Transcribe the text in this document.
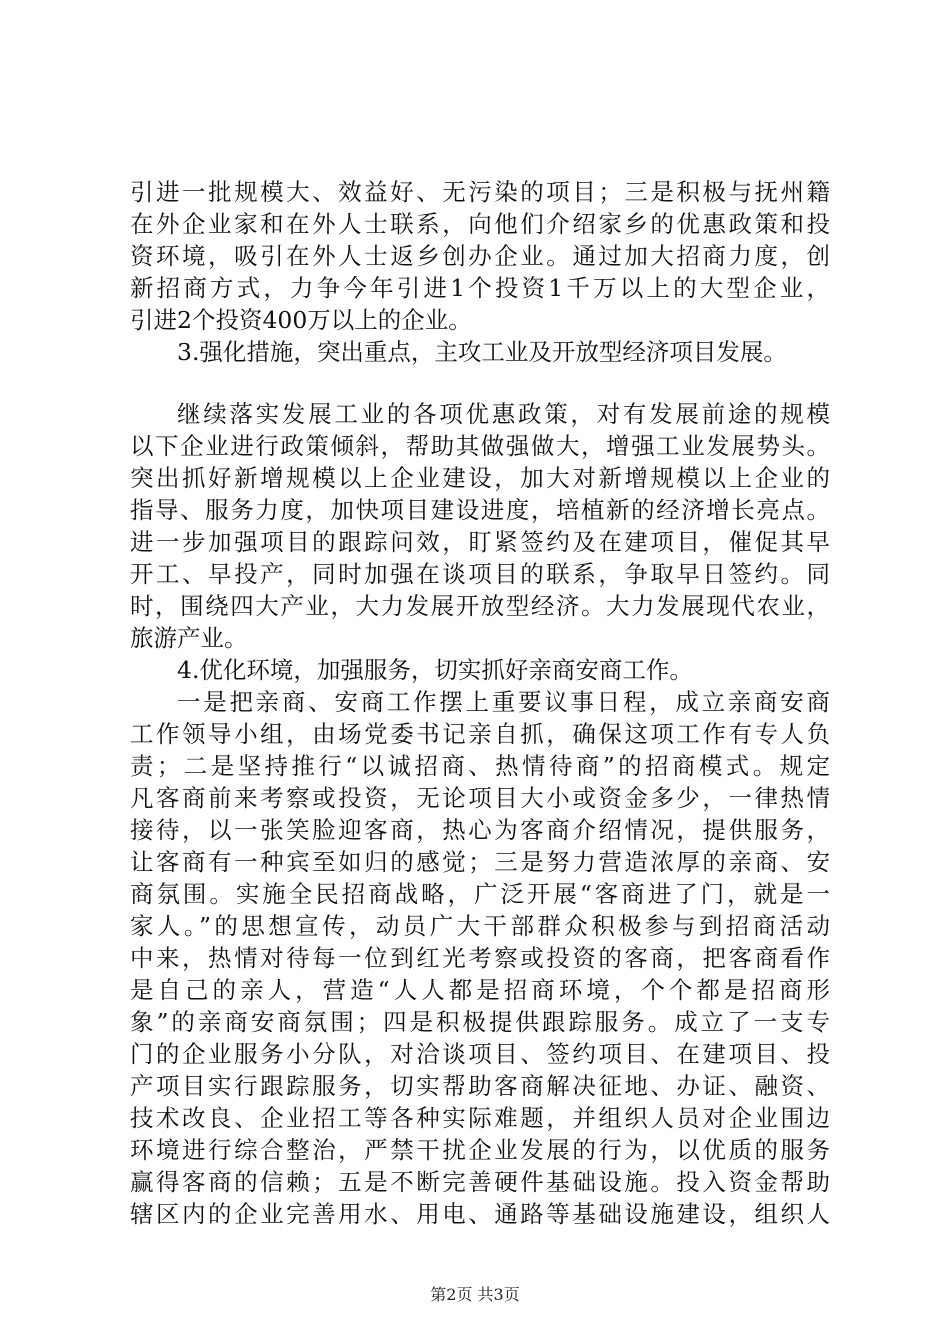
引进一批规模大、效益好、无污染的项目；三是积极与抚州籍
在外企业家和在外人士联系，向他们介绍家乡的优惠政策和投
资环境，吸引在外人士返乡创办企业。通过加大招商力度，创
新招商方式，力争今年引进1个投资1千万以上的大型企业，
引进2个投资400万以上的企业。
3.强化措施，突出重点，主攻工业及开放型经济项目发展。
继续落实发展工业的各项优惠政策，对有发展前途的规模
以下企业进行政策倾斜，帮助其做强做大，增强工业发展势头。
突出抓好新增规模以上企业建设，加大对新增规模以上企业的
指导、服务力度，加快项目建设进度，培植新的经济增长亮点。
进一步加强项目的跟踪问效，盯紧签约及在建项目，催促其早
开工、早投产，同时加强在谈项目的联系，争取早日签约。同
时，围绕四大产业，大力发展开放型经济。大力发展现代农业，
旅游产业。
4.优化环境，加强服务，切实抓好亲商安商工作。
一是把亲商、安商工作摆上重要议事日程，成立亲商安商
工作领导小组，由场党委书记亲自抓，确保这项工作有专人负
责；二是坚持推行“以诚招商、热情待商”的招商模式。规定
凡客商前来考察或投资，无论项目大小或资金多少，一律热情
接待，以一张笑脸迎客商，热心为客商介绍情况，提供服务，
让客商有一种宾至如归的感觉；三是努力营造浓厚的亲商、安
商氛围。实施全民招商战略，广泛开展“客商进了门，就是一
家人。”的思想宣传，动员广大干部群众积极参与到招商活动
中来，热情对待每一位到红光考察或投资的客商，把客商看作
是自己的亲人，营造“人人都是招商环境，个个都是招商形
象”的亲商安商氛围；四是积极提供跟踪服务。成立了一支专
门的企业服务小分队，对洽谈项目、签约项目、在建项目、投
产项目实行跟踪服务，切实帮助客商解决征地、办证、融资、
技术改良、企业招工等各种实际难题，并组织人员对企业围边
环境进行综合整治，严禁干扰企业发展的行为，以优质的服务
赢得客商的信赖；五是不断完善硬件基础设施。投入资金帮助
辖区内的企业完善用水、用电、通路等基础设施建设，组织人
第2页 共3页
